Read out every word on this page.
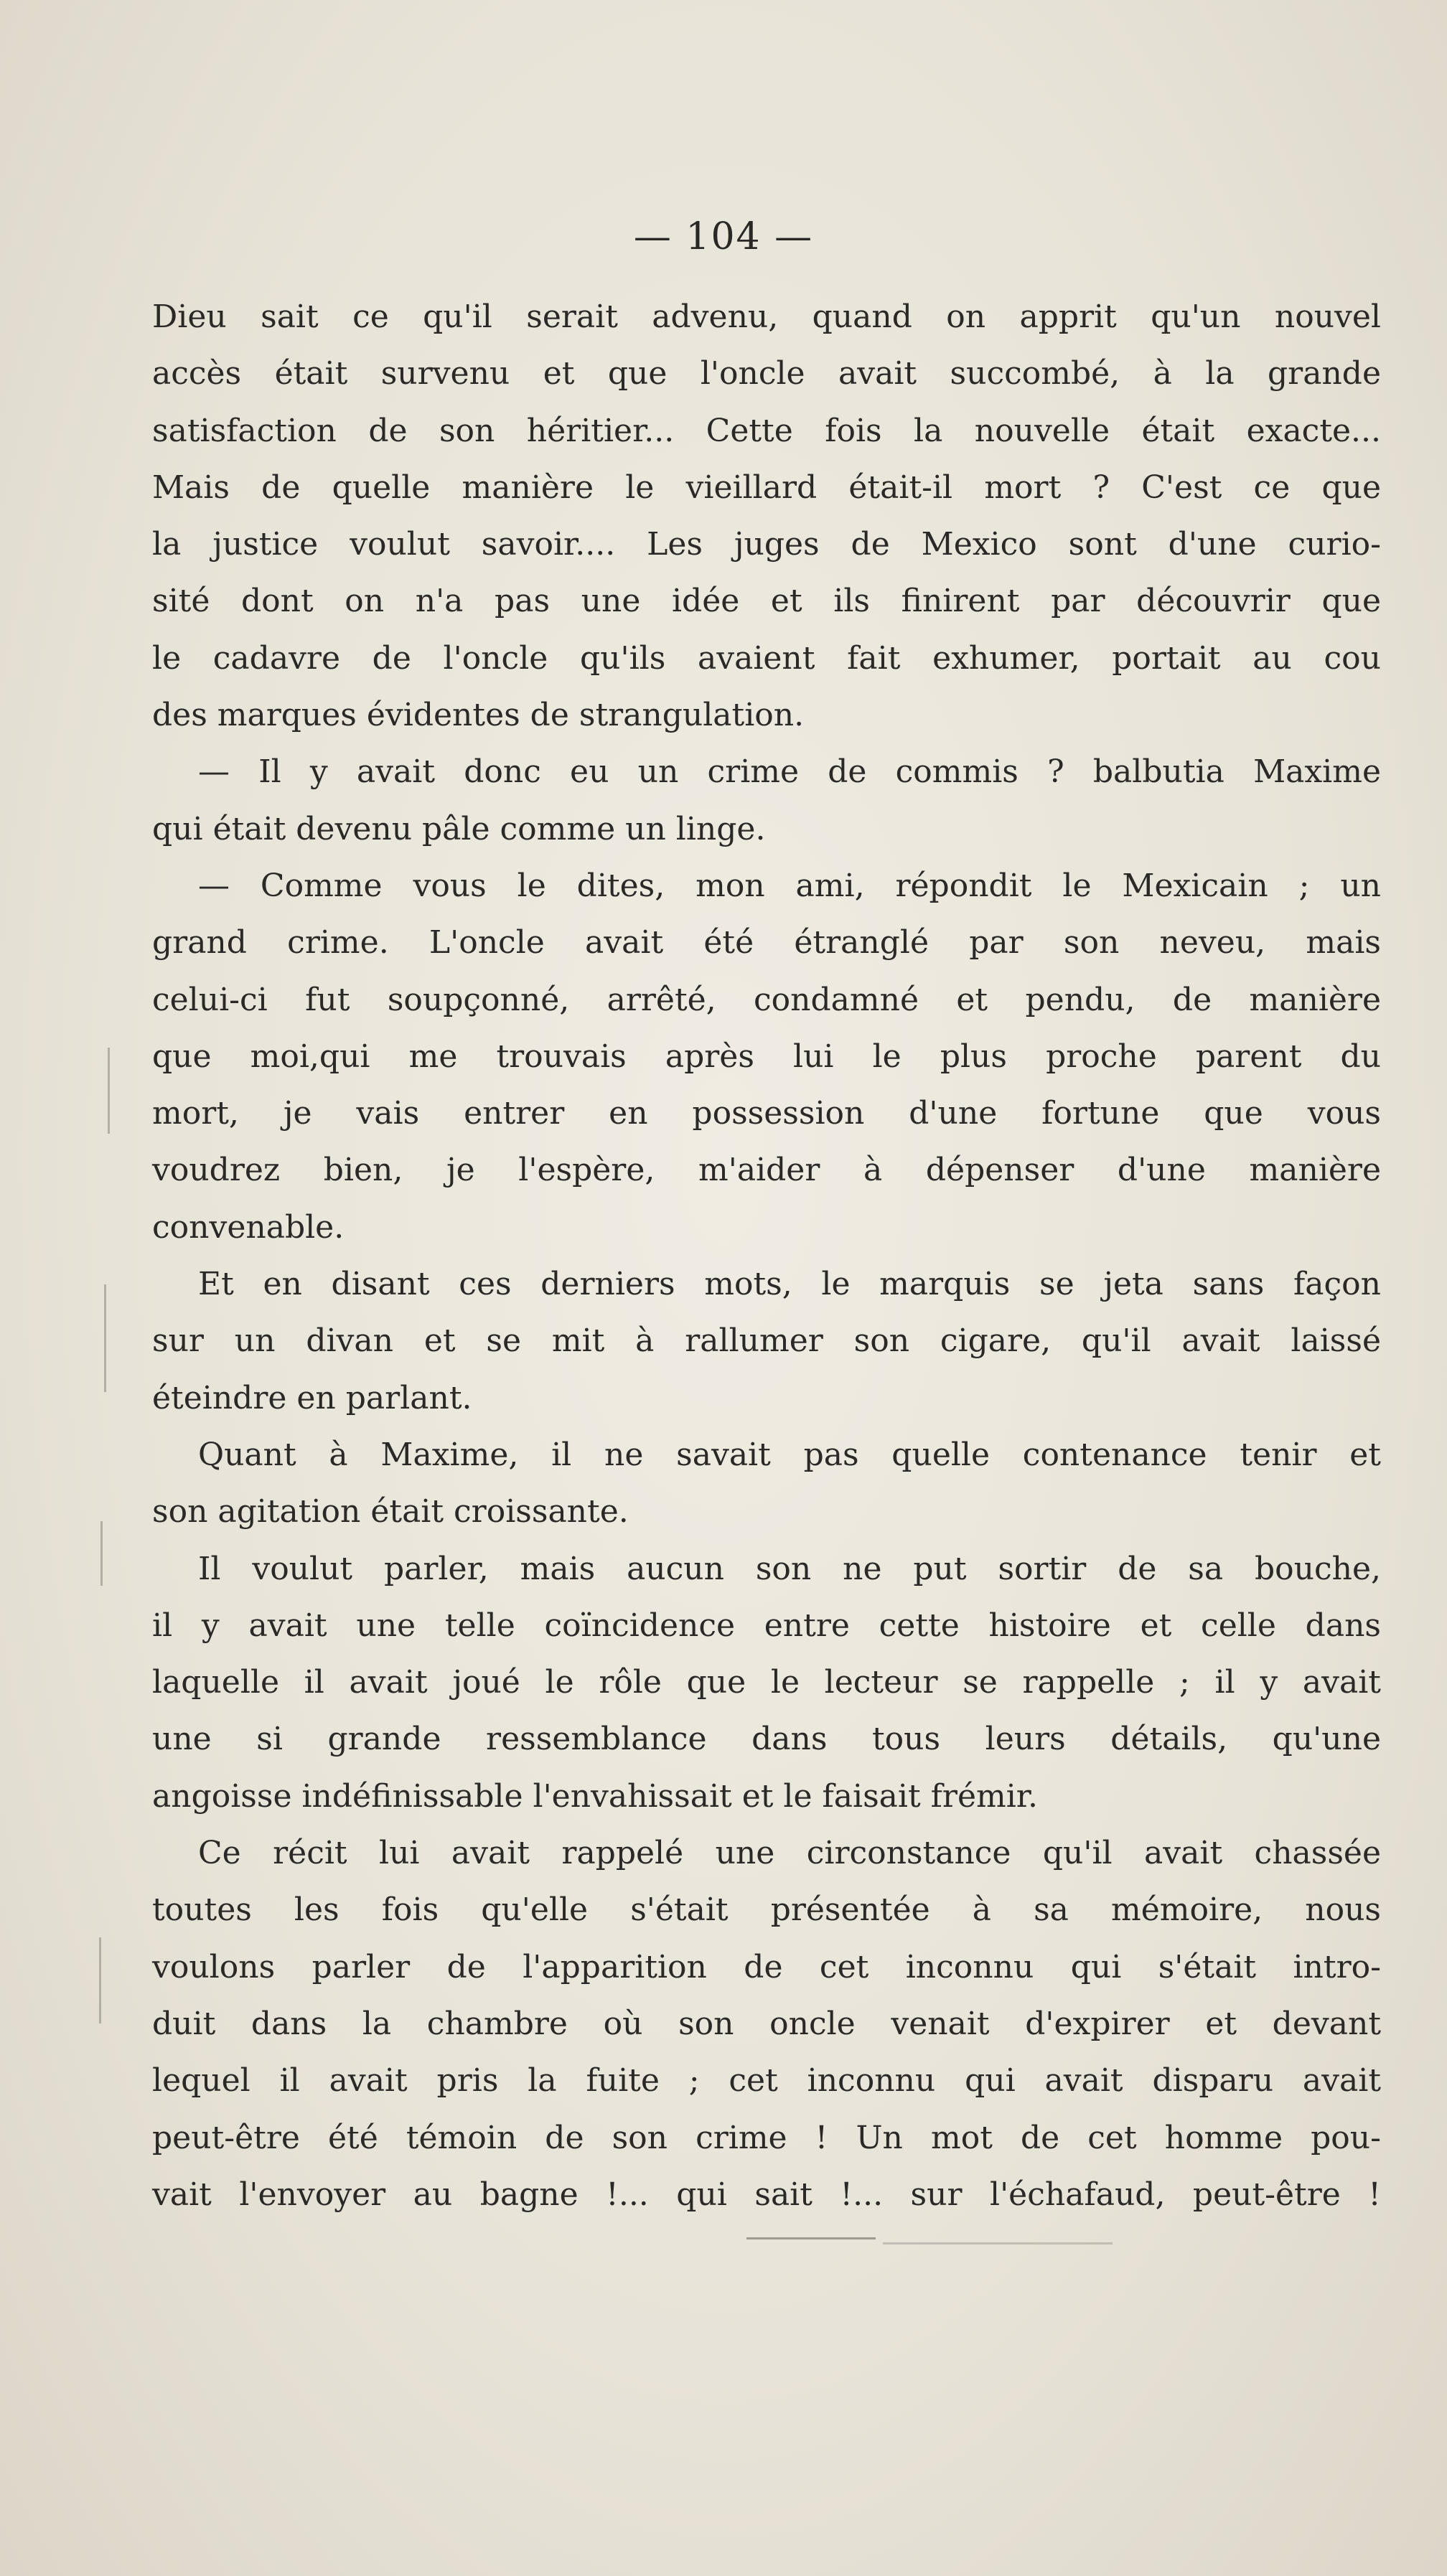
— 104 —
Dieu sait ce qu'il serait advenu, quand on apprit qu'un nouvel
accès était survenu et que l'oncle avait succombé, à la grande
satisfaction de son héritier... Cette fois la nouvelle était exacte...
Mais de quelle manière le vieillard était-il mort ? C'est ce que
la justice voulut savoir.... Les juges de Mexico sont d'une curio-
sité dont on n'a pas une idée et ils finirent par découvrir que
le cadavre de l'oncle qu'ils avaient fait exhumer, portait au cou
des marques évidentes de strangulation.
— Il y avait donc eu un crime de commis ? balbutia Maxime
qui était devenu pâle comme un linge.
— Comme vous le dites, mon ami, répondit le Mexicain ; un
grand crime. L'oncle avait été étranglé par son neveu, mais
celui-ci fut soupçonné, arrêté, condamné et pendu, de manière
que moi,qui me trouvais après lui le plus proche parent du
mort, je vais entrer en possession d'une fortune que vous
voudrez bien, je l'espère, m'aider à dépenser d'une manière
convenable.
Et en disant ces derniers mots, le marquis se jeta sans façon
sur un divan et se mit à rallumer son cigare, qu'il avait laissé
éteindre en parlant.
Quant à Maxime, il ne savait pas quelle contenance tenir et
son agitation était croissante.
Il voulut parler, mais aucun son ne put sortir de sa bouche,
il y avait une telle coïncidence entre cette histoire et celle dans
laquelle il avait joué le rôle que le lecteur se rappelle ; il y avait
une si grande ressemblance dans tous leurs détails, qu'une
angoisse indéfinissable l'envahissait et le faisait frémir.
Ce récit lui avait rappelé une circonstance qu'il avait chassée
toutes les fois qu'elle s'était présentée à sa mémoire, nous
voulons parler de l'apparition de cet inconnu qui s'était intro-
duit dans la chambre où son oncle venait d'expirer et devant
lequel il avait pris la fuite ; cet inconnu qui avait disparu avait
peut-être été témoin de son crime ! Un mot de cet homme pou-
vait l'envoyer au bagne !... qui sait !... sur l'échafaud, peut-être !
